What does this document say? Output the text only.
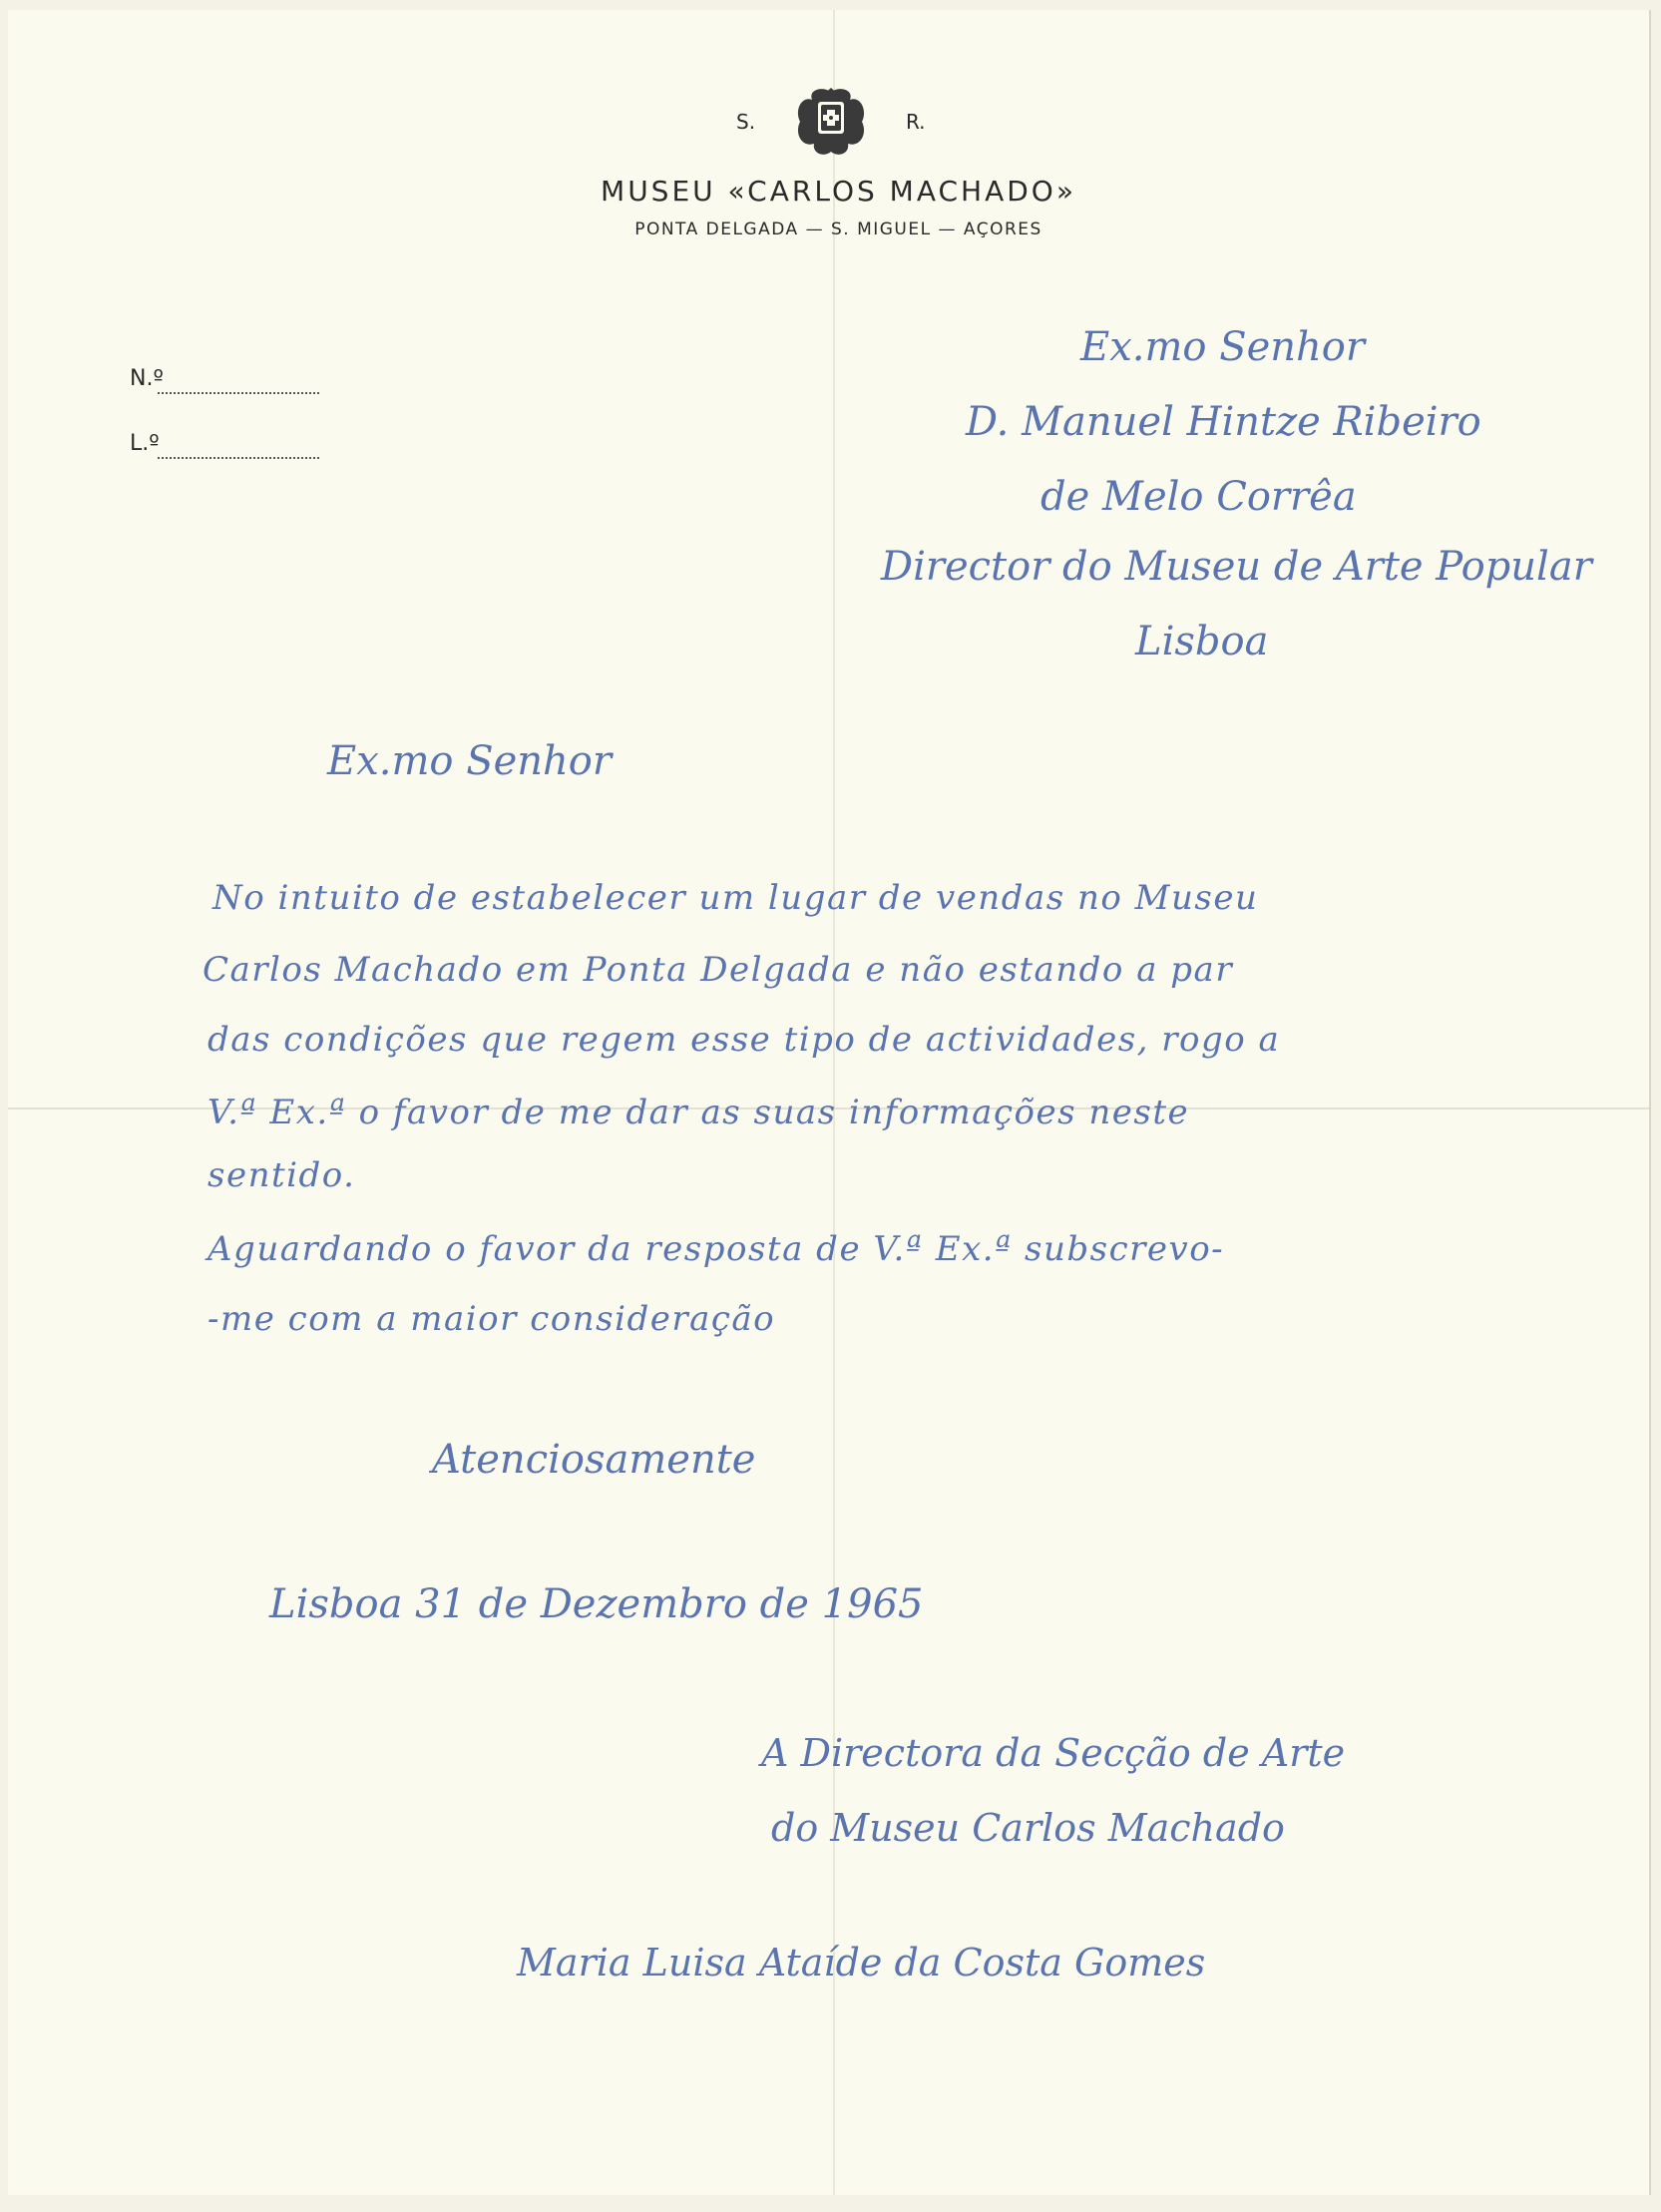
S.	R.
MUSEU «CARLOS MACHADO»
PONTA DELGADA — S. MIGUEL — AÇORES
N.º
L.º
Ex.mo Senhor
D. Manuel Hintze Ribeiro
de Melo Corrêa
Director do Museu de Arte Popular
Lisboa
Ex.mo Senhor
No intuito de estabelecer um lugar de vendas no Museu
Carlos Machado em Ponta Delgada e não estando a par
das condições que regem esse tipo de actividades, rogo a
V.ª Ex.ª o favor de me dar as suas informações neste
sentido.
Aguardando o favor da resposta de V.ª Ex.ª subscrevo-
-me com a maior consideração
Atenciosamente
Lisboa 31 de Dezembro de 1965
A Directora da Secção de Arte
do Museu Carlos Machado
Maria Luisa Ataíde da Costa Gomes
